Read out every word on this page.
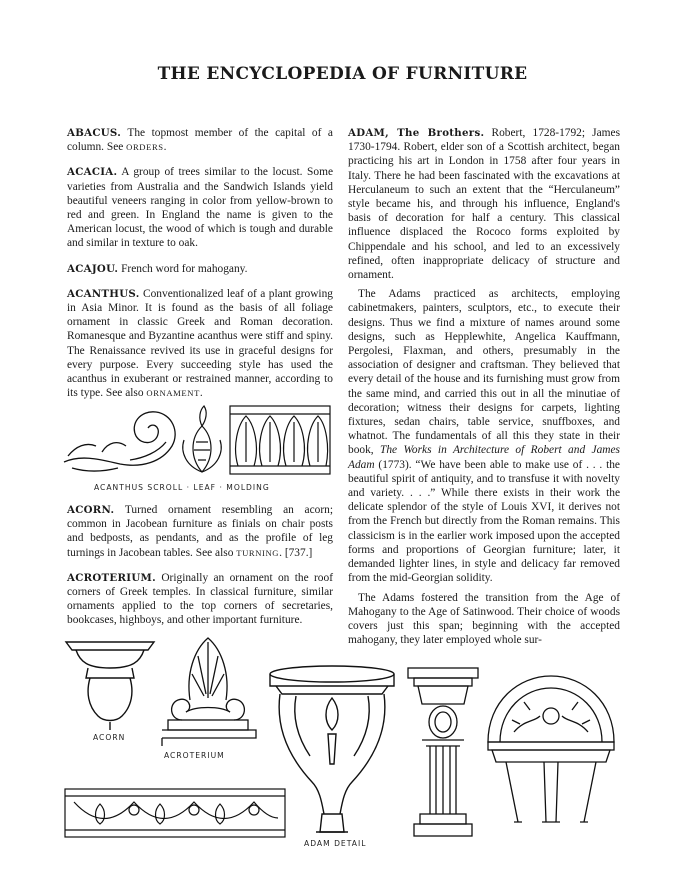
THE ENCYCLOPEDIA OF FURNITURE

ABACUS. The topmost member of the capital of a column. See ORDERS.

ACACIA. A group of trees similar to the locust. Some varieties from Australia and the Sandwich Islands yield beautiful veneers ranging in color from yellow-brown to red and green. In England the name is given to the American locust, the wood of which is tough and durable and similar in texture to oak.

ACAJOU. French word for mahogany.

ACANTHUS. Conventionalized leaf of a plant growing in Asia Minor. It is found as the basis of all foliage ornament in classic Greek and Roman decoration. Romanesque and Byzantine acanthus were stiff and spiny. The Renaissance revived its use in graceful designs for every purpose. Every succeeding style has used the acanthus in exuberant or restrained manner, according to its type. See also ORNAMENT.

ACORN. Turned ornament resembling an acorn; common in Jacobean furniture as finials on chair posts and bedposts, as pendants, and as the profile of leg turnings in Jacobean tables. See also TURNING. [737.]

ACROTERIUM. Originally an ornament on the roof corners of Greek temples. In classical furniture, similar ornaments applied to the top corners of secretaries, bookcases, highboys, and other important furniture.

ADAM, The Brothers. Robert, 1728-1792; James 1730-1794. Robert, elder son of a Scottish architect, began practicing his art in London in 1758 after four years in Italy. There he had been fascinated with the excavations at Herculaneum to such an extent that the “Herculaneum” style became his, and through his influence, England's basis of decoration for half a century. This classical influence displaced the Rococo forms exploited by Chippendale and his school, and led to an excessively refined, often inappropriate delicacy of structure and ornament.

The Adams practiced as architects, employing cabinetmakers, painters, sculptors, etc., to execute their designs. Thus we find a mixture of names around some designs, such as Hepplewhite, Angelica Kauffmann, Pergolesi, Flaxman, and others, presumably in the association of designer and craftsman. They believed that every detail of the house and its furnishing must grow from the same mind, and carried this out in all the minutiae of decoration; witness their designs for carpets, lighting fixtures, sedan chairs, table service, snuffboxes, and whatnot. The fundamentals of all this they state in their book, The Works in Architecture of Robert and James Adam (1773). “We have been able to make use of . . . the beautiful spirit of antiquity, and to transfuse it with novelty and variety. . . .” While there exists in their work the delicate splendor of the style of Louis XVI, it derives not from the French but directly from the Roman remains. This classicism is in the earlier work imposed upon the accepted forms and proportions of Georgian furniture; later, it demanded lighter lines, in style and delicacy far removed from the mid-Georgian solidity.

The Adams fostered the transition from the Age of Mahogany to the Age of Satinwood. Their choice of woods covers just this span; beginning with the accepted mahogany, they later employed whole sur-

ACANTHUS SCROLL · LEAF · MOLDING
ACORN
ACROTERIUM
ADAM DETAIL
